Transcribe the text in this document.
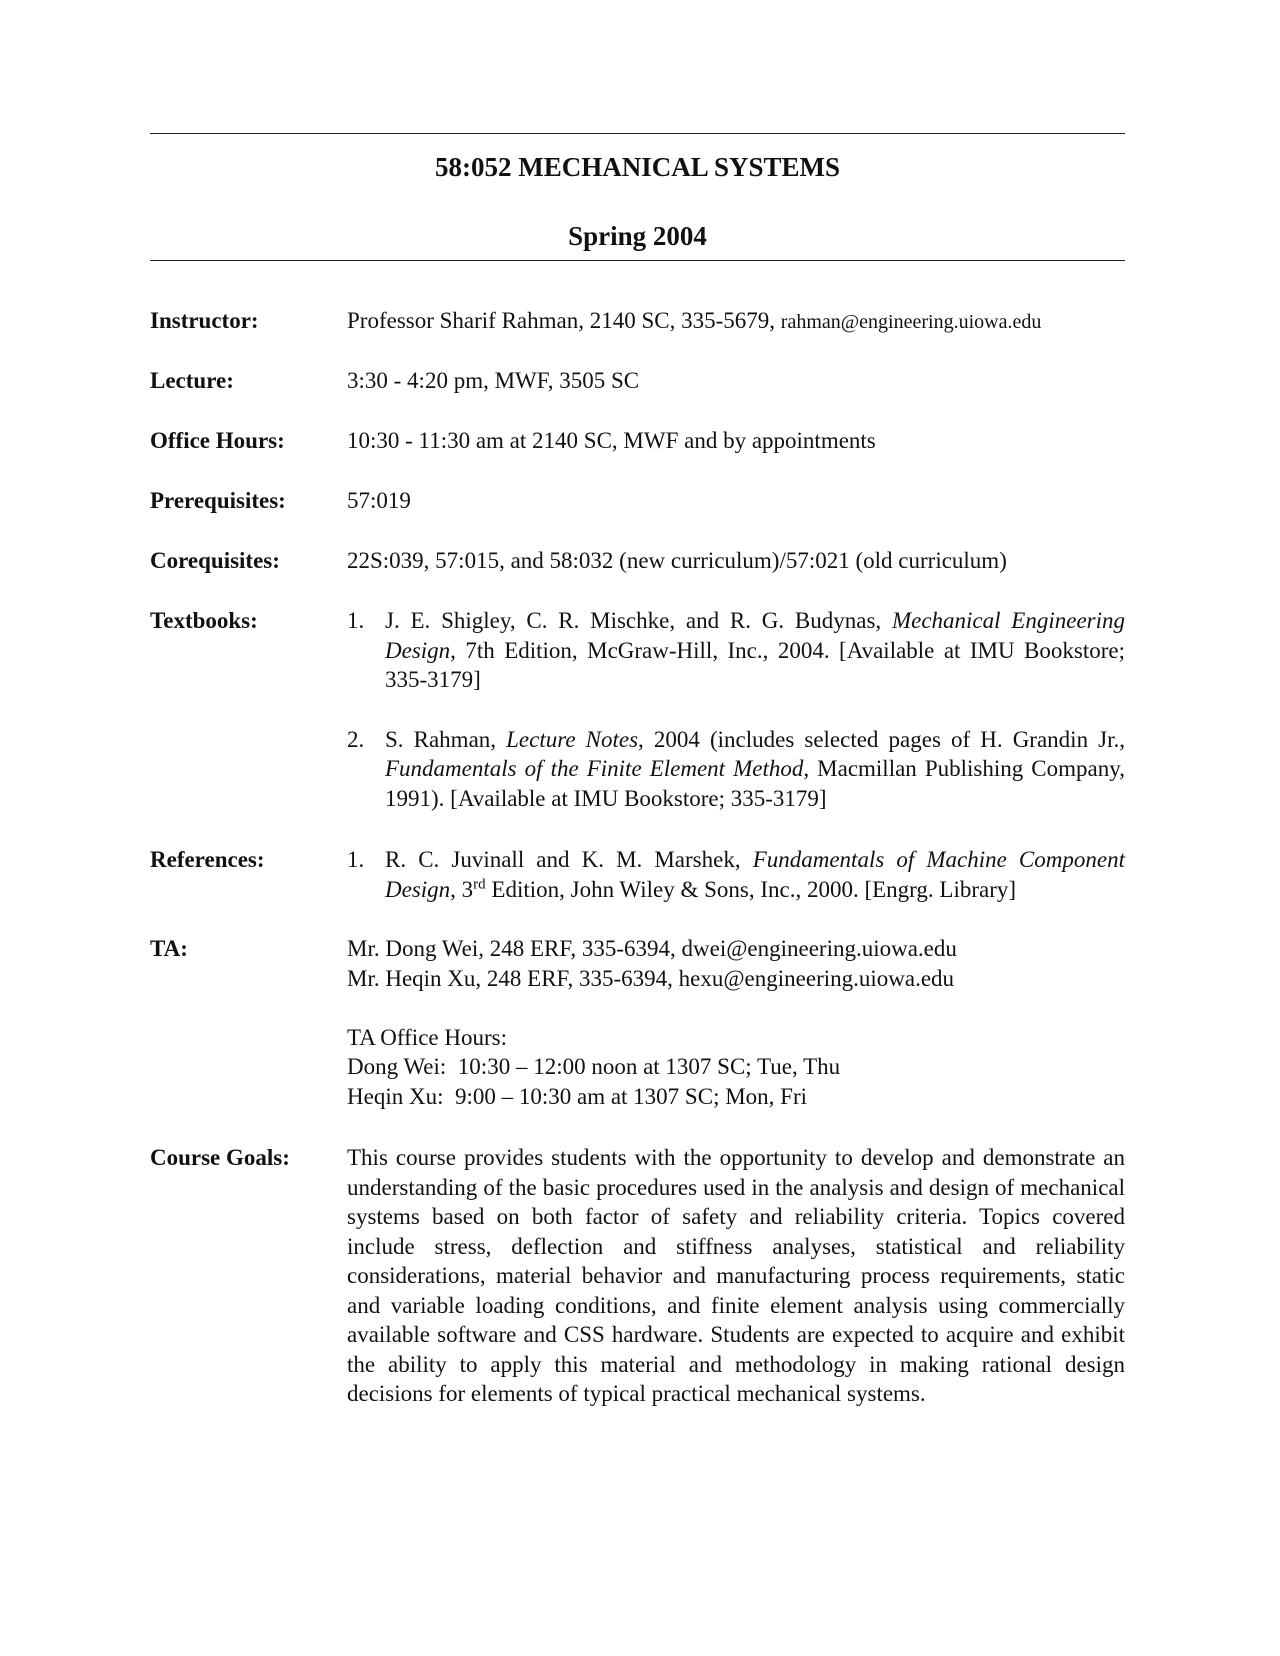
58:052 MECHANICAL SYSTEMS
Spring 2004
Instructor:	Professor Sharif Rahman, 2140 SC, 335-5679, rahman@engineering.uiowa.edu
Lecture:	3:30 - 4:20 pm, MWF, 3505 SC
Office Hours:	10:30 - 11:30 am at 2140 SC, MWF and by appointments
Prerequisites:	57:019
Corequisites:	22S:039, 57:015, and 58:032 (new curriculum)/57:021 (old curriculum)
Textbooks:	1. J. E. Shigley, C. R. Mischke, and R. G. Budynas, Mechanical Engineering Design, 7th Edition, McGraw-Hill, Inc., 2004. [Available at IMU Bookstore; 335-3179]
2. S. Rahman, Lecture Notes, 2004 (includes selected pages of H. Grandin Jr., Fundamentals of the Finite Element Method, Macmillan Publishing Company, 1991). [Available at IMU Bookstore; 335-3179]
References:	1. R. C. Juvinall and K. M. Marshek, Fundamentals of Machine Component Design, 3rd Edition, John Wiley & Sons, Inc., 2000. [Engrg. Library]
TA:	Mr. Dong Wei, 248 ERF, 335-6394, dwei@engineering.uiowa.edu
Mr. Heqin Xu, 248 ERF, 335-6394, hexu@engineering.uiowa.edu
TA Office Hours:
Dong Wei:  10:30 – 12:00 noon at 1307 SC; Tue, Thu
Heqin Xu:  9:00 – 10:30 am at 1307 SC; Mon, Fri
Course Goals: This course provides students with the opportunity to develop and demonstrate an understanding of the basic procedures used in the analysis and design of mechanical systems based on both factor of safety and reliability criteria. Topics covered include stress, deflection and stiffness analyses, statistical and reliability considerations, material behavior and manufacturing process requirements, static and variable loading conditions, and finite element analysis using commercially available software and CSS hardware. Students are expected to acquire and exhibit the ability to apply this material and methodology in making rational design decisions for elements of typical practical mechanical systems.
